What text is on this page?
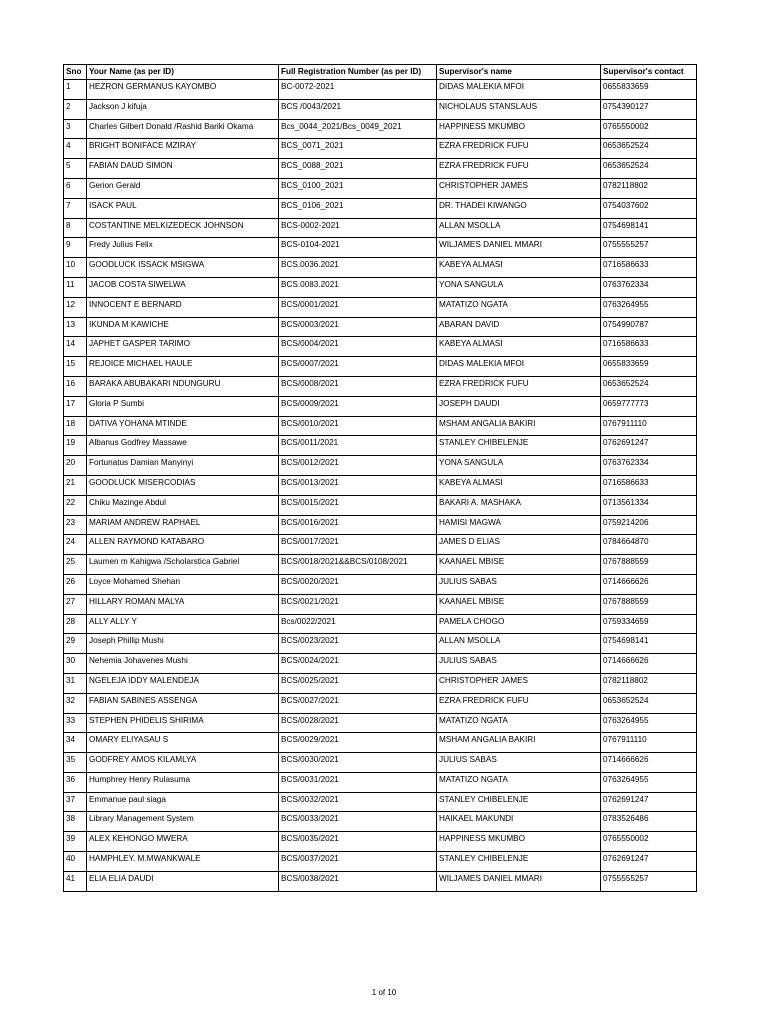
Sno	Your Name (as per ID)	Full Registration Number (as per ID)	Supervisor's name	Supervisor's contact
1	HEZRON GERMANUS KAYOMBO	BC-0072-2021	DIDAS MALEKIA MFOI	0655833659
2	Jackson J kifuja	BCS /0043/2021	NICHOLAUS STANSLAUS	0754390127
3	Charles Gilbert Donald /Rashid Bariki Okama	Bcs_0044_2021/Bcs_0049_2021	HAPPINESS MKUMBO	0765550002
4	BRIGHT BONIFACE MZIRAY	BCS_0071_2021	EZRA FREDRICK FUFU	0653652524
5	FABIAN DAUD SIMON	BCS_0088_2021	EZRA FREDRICK FUFU	0653652524
6	Gerion Gerald	BCS_0100_2021	CHRISTOPHER JAMES	0782118802
7	ISACK PAUL	BCS_0106_2021	DR. THADEI KIWANGO	0754037602
8	COSTANTINE MELKIZEDECK JOHNSON	BCS-0002-2021	ALLAN MSOLLA	0754698141
9	Fredy Julius Felix	BCS-0104-2021	WILJAMES DANIEL MMARI	0755555257
10	GOODLUCK ISSACK MSIGWA	BCS.0036.2021	KABEYA ALMASI	0716586633
11	JACOB COSTA SIWELWA	BCS.0083.2021	YONA SANGULA	0763762334
12	INNOCENT E BERNARD	BCS/0001/2021	MATATIZO NGATA	0763264955
13	IKUNDA M KAWICHE	BCS/0003/2021	ABARAN DAVID	0754990787
14	JAPHET GASPER TARIMO	BCS/0004/2021	KABEYA ALMASI	0716586633
15	REJOICE MICHAEL HAULE	BCS/0007/2021	DIDAS MALEKIA MFOI	0655833659
16	BARAKA ABUBAKARI NDUNGURU	BCS/0008/2021	EZRA FREDRICK FUFU	0653652524
17	Gloria P Sumbi	BCS/0009/2021	JOSEPH DAUDI	0659777773
18	DATIVA YOHANA MTINDE	BCS/0010/2021	MSHAM ANGALIA BAKIRI	0767911110
19	Albanus Godfrey Massawe	BCS/0011/2021	STANLEY CHIBELENJE	0762691247
20	Fortunatus Damian Manyinyi	BCS/0012/2021	YONA SANGULA	0763762334
21	GOODLUCK MISERCODIAS	BCS/0013/2021	KABEYA ALMASI	0716586633
22	Chiku Mazinge Abdul	BCS/0015/2021	BAKARI A. MASHAKA	0713561334
23	MARIAM ANDREW RAPHAEL	BCS/0016/2021	HAMISI MAGWA	0759214206
24	ALLEN RAYMOND KATABARO	BCS/0017/2021	JAMES D ELIAS	0784664870
25	Laumen m Kahigwa /Scholarstica Gabriel	BCS/0018/2021&&BCS/0108/2021	KAANAEL MBISE	0767888559
26	Loyce Mohamed Shehan	BCS/0020/2021	JULIUS SABAS	0714666626
27	HILLARY ROMAN MALYA	BCS/0021/2021	KAANAEL MBISE	0767888559
28	ALLY ALLY Y	Bcs/0022/2021	PAMELA CHOGO	0759334659
29	Joseph Phillip Mushi	BCS/0023/2021	ALLAN MSOLLA	0754698141
30	Nehemia Johavenes Mushi	BCS/0024/2021	JULIUS SABAS	0714666626
31	NGELEJA IDDY MALENDEJA	BCS/0025/2021	CHRISTOPHER JAMES	0782118802
32	FABIAN SABINES ASSENGA	BCS/0027/2021	EZRA FREDRICK FUFU	0653652524
33	STEPHEN PHIDELIS SHIRIMA	BCS/0028/2021	MATATIZO NGATA	0763264955
34	OMARY ELIYASAU S	BCS/0029/2021	MSHAM ANGALIA BAKIRI	0767911110
35	GODFREY AMOS KILAMLYA	BCS/0030/2021	JULIUS SABAS	0714666626
36	Humphrey Henry Rulasuma	BCS/0031/2021	MATATIZO NGATA	0763264955
37	Emmanue paul siaga	BCS/0032/2021	STANLEY CHIBELENJE	0762691247
38	Library Management System	BCS/0033/2021	HAIKAEL MAKUNDI	0783526486
39	ALEX KEHONGO MWERA	BCS/0035/2021	HAPPINESS MKUMBO	0765550002
40	HAMPHLEY. M.MWANKWALE	BCS/0037/2021	STANLEY CHIBELENJE	0762691247
41	ELIA ELIA DAUDI	BCS/0038/2021	WILJAMES DANIEL MMARI	0755555257
1 of 10
